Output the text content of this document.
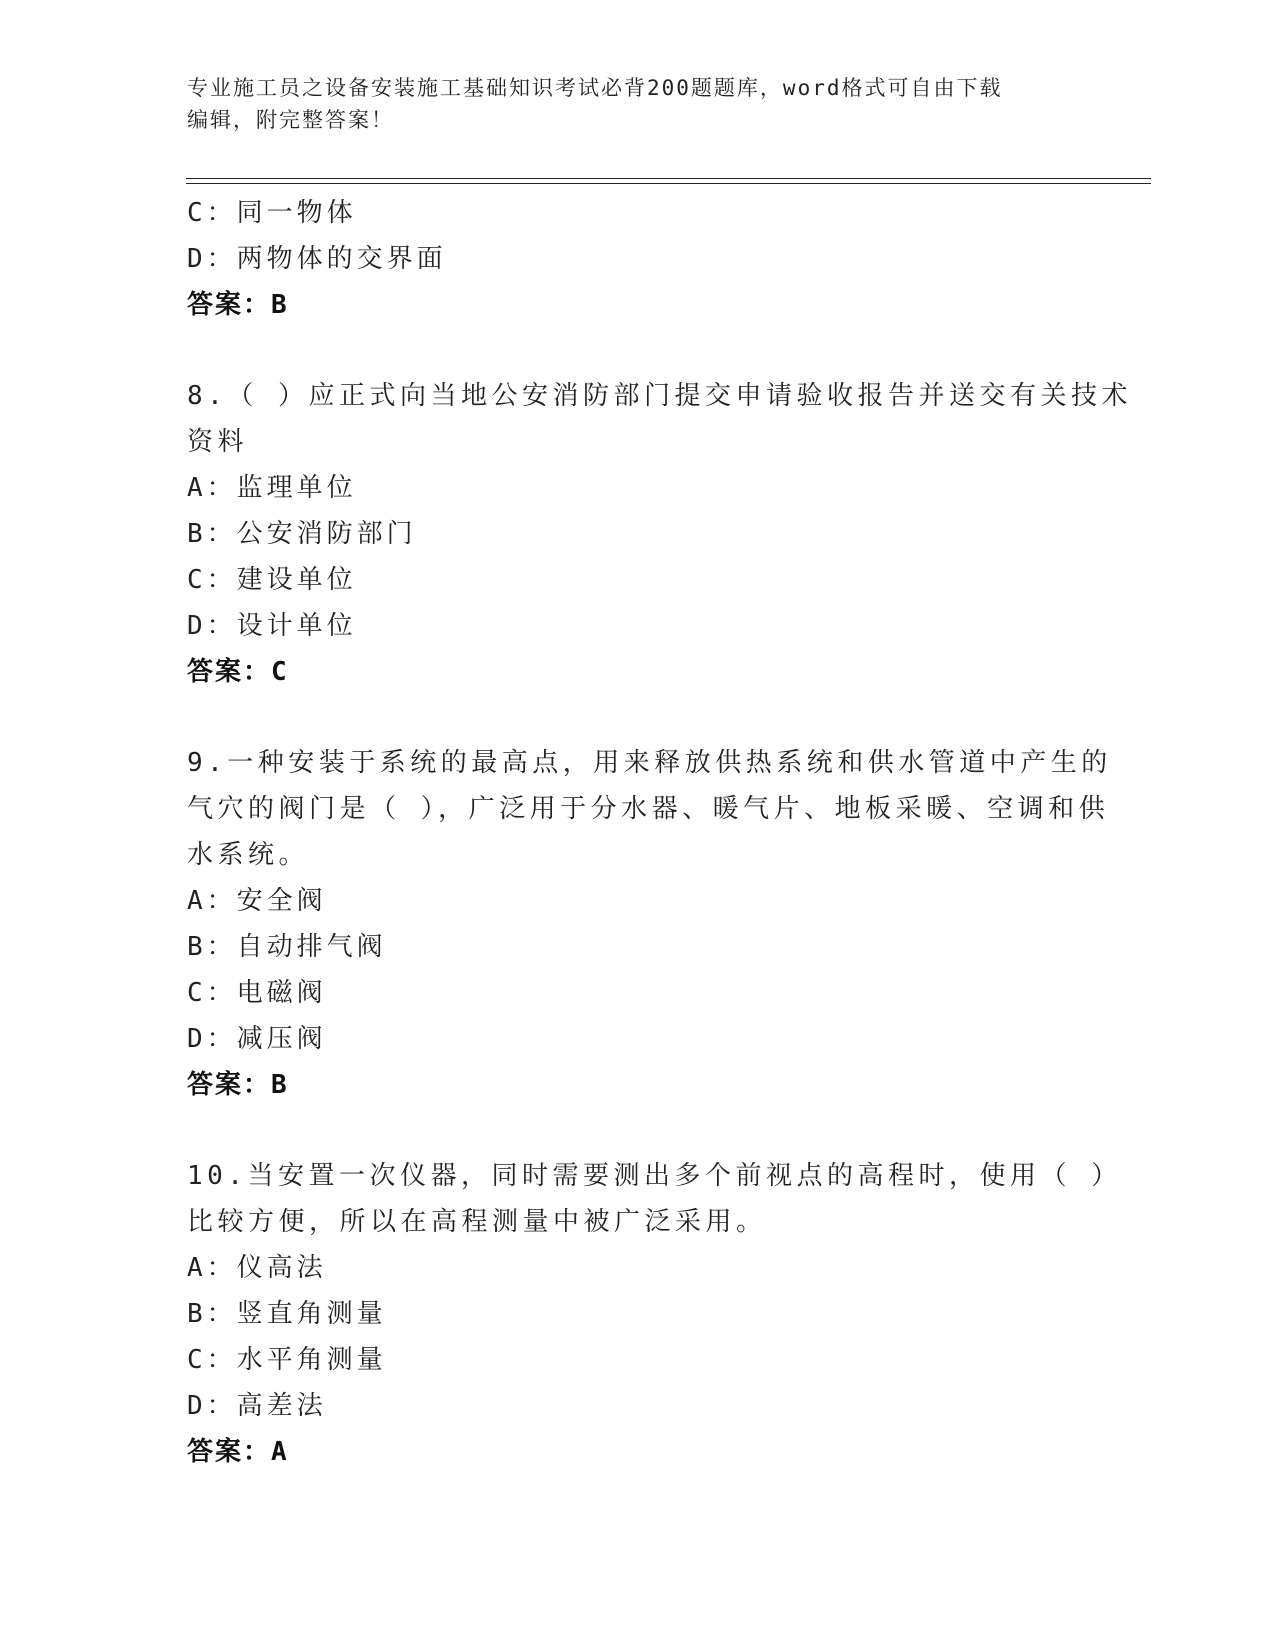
专业施工员之设备安装施工基础知识考试必背200题题库，word格式可自由下载
编辑，附完整答案！
C：同一物体
D：两物体的交界面
答案：B
8.（ ）应正式向当地公安消防部门提交申请验收报告并送交有关技术
资料
A：监理单位
B：公安消防部门
C：建设单位
D：设计单位
答案：C
9.一种安装于系统的最高点，用来释放供热系统和供水管道中产生的
气穴的阀门是（ ），广泛用于分水器、暖气片、地板采暖、空调和供
水系统。
A：安全阀
B：自动排气阀
C：电磁阀
D：减压阀
答案：B
10.当安置一次仪器，同时需要测出多个前视点的高程时，使用（ ）
比较方便，所以在高程测量中被广泛采用。
A：仪高法
B：竖直角测量
C：水平角测量
D：高差法
答案：A
